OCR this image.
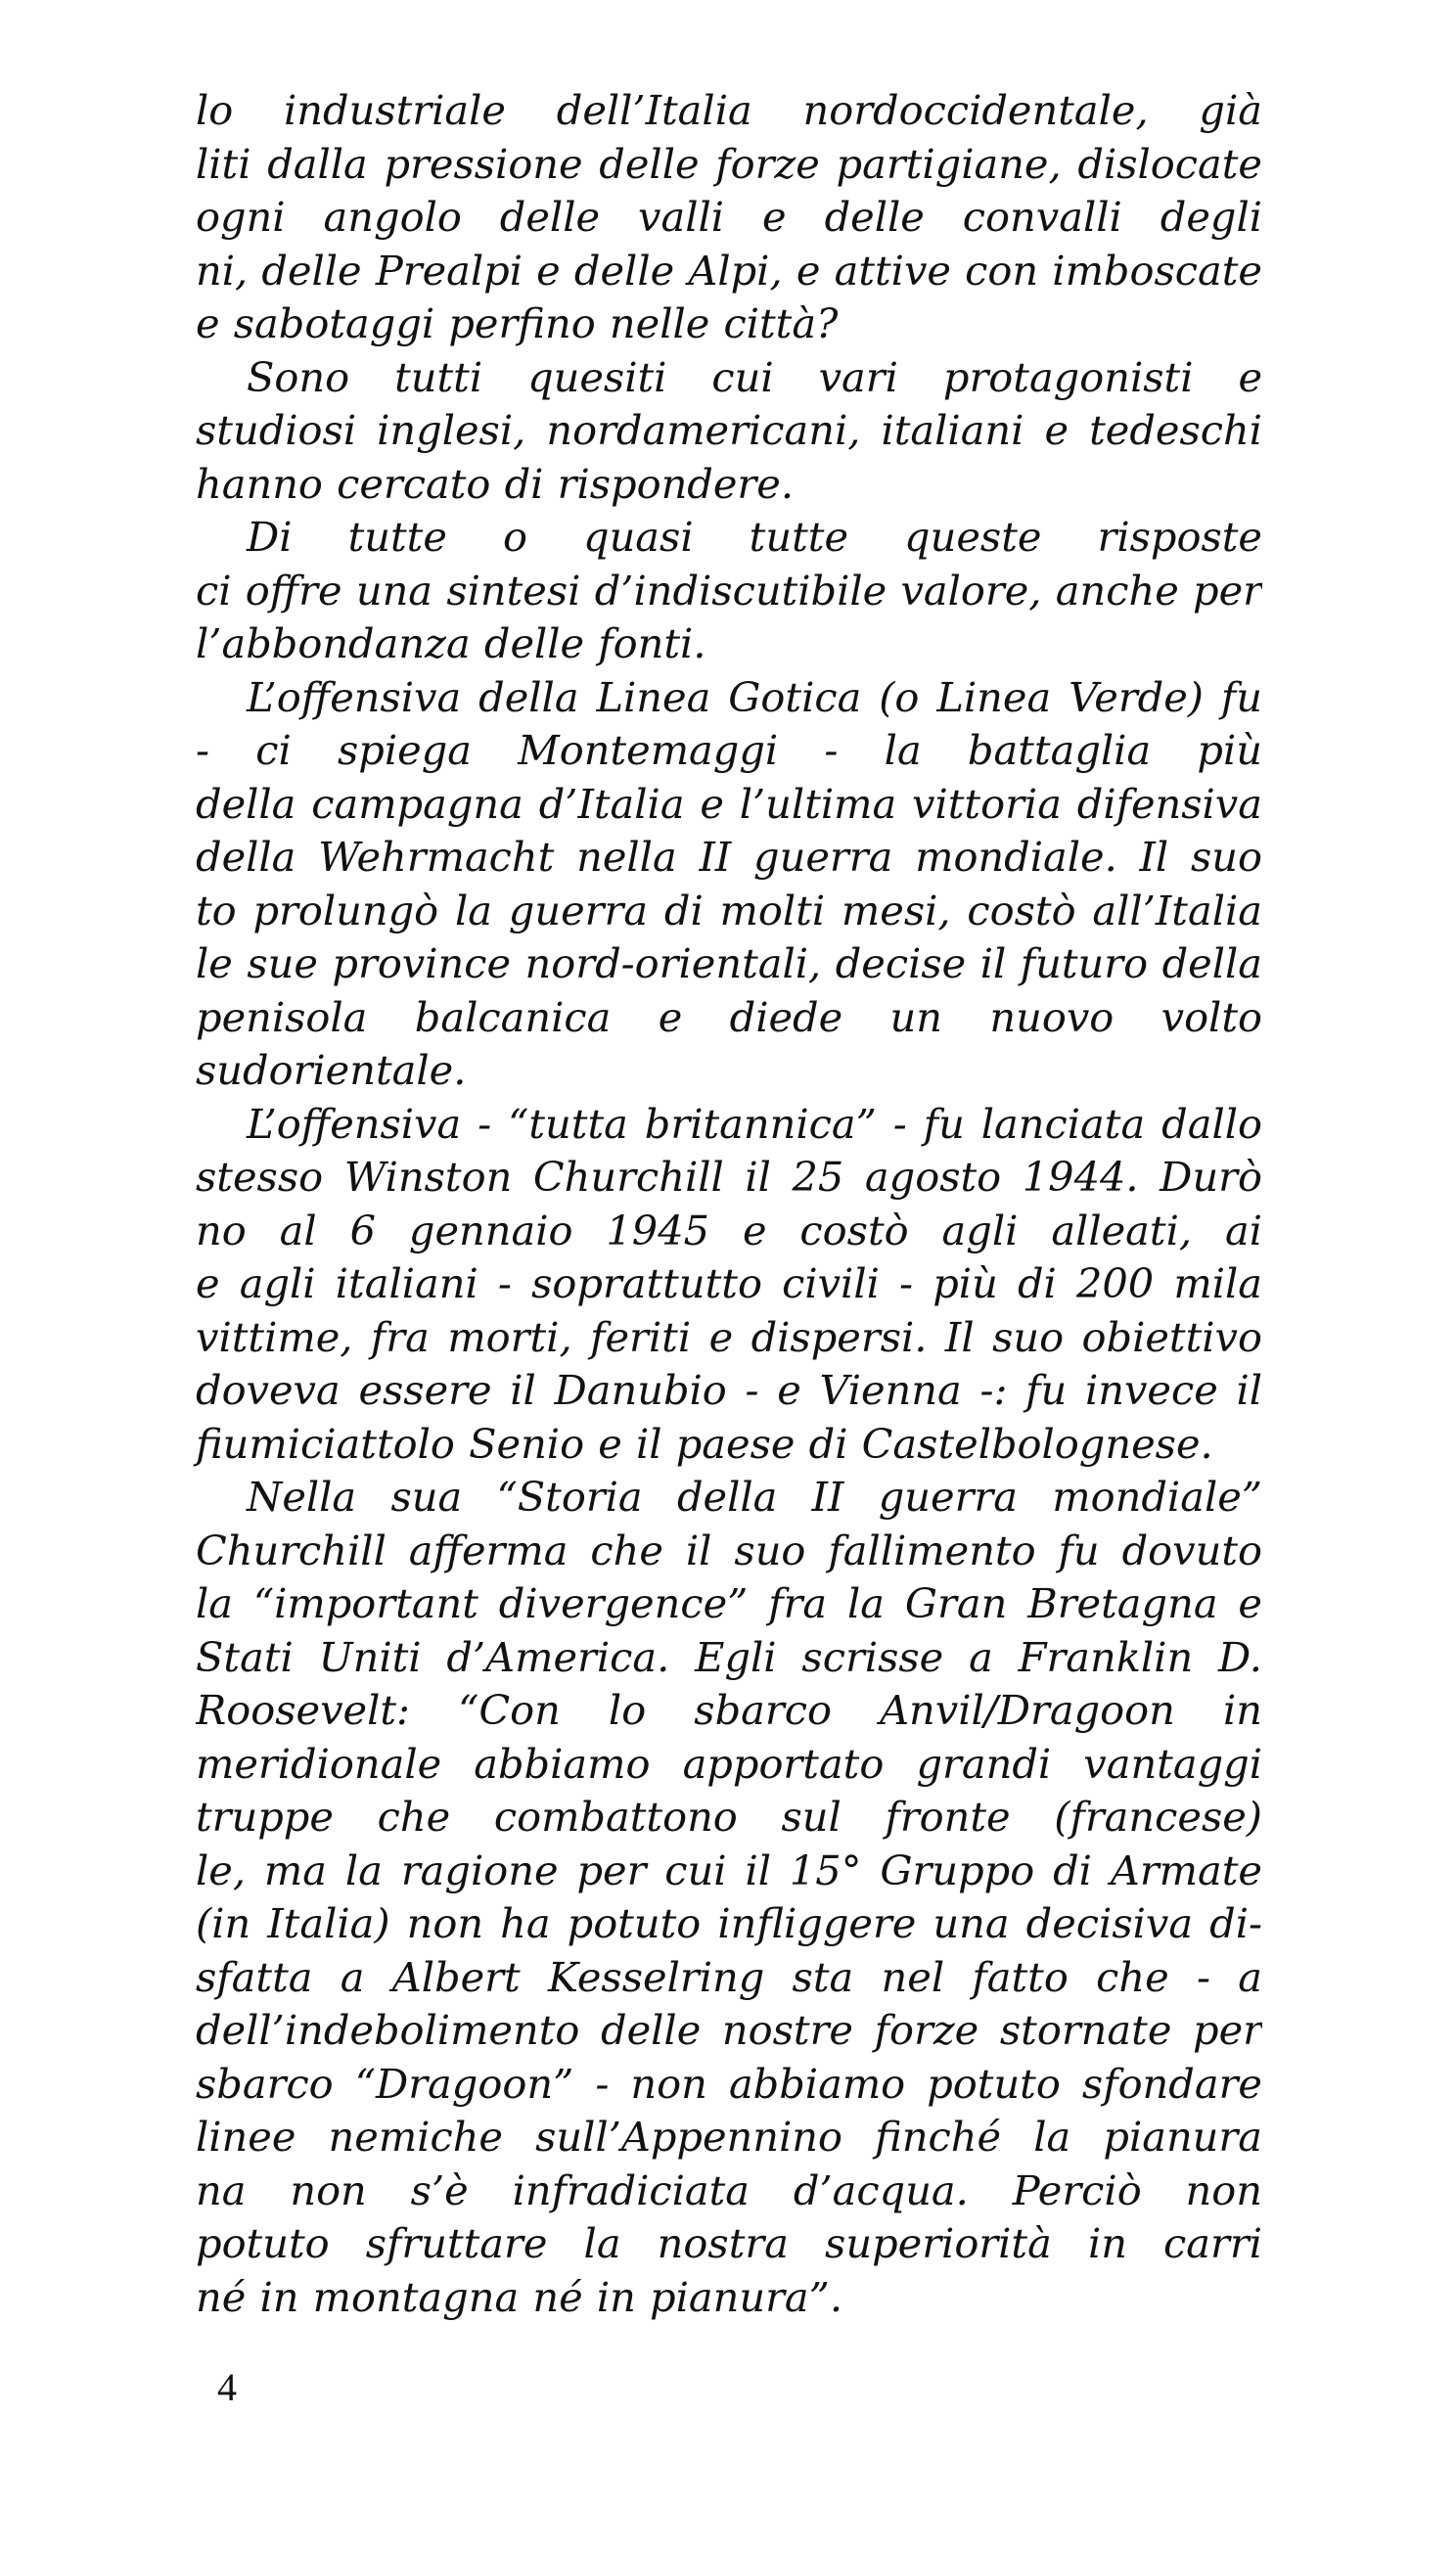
lo industriale dell’Italia nordoccidentale, già
liti dalla pressione delle forze partigiane, dislocate
ogni angolo delle valli e delle convalli degli
ni, delle Prealpi e delle Alpi, e attive con imboscate
e sabotaggi perfino nelle città?
Sono tutti quesiti cui vari protagonisti e
studiosi inglesi, nordamericani, italiani e tedeschi
hanno cercato di rispondere.
Di tutte o quasi tutte queste risposte
ci offre una sintesi d’indiscutibile valore, anche per
l’abbondanza delle fonti.
L’offensiva della Linea Gotica (o Linea Verde) fu
- ci spiega Montemaggi - la battaglia più
della campagna d’Italia e l’ultima vittoria difensiva
della Wehrmacht nella II guerra mondiale. Il suo
to prolungò la guerra di molti mesi, costò all’Italia
le sue province nord-orientali, decise il futuro della
penisola balcanica e diede un nuovo volto
sudorientale.
L’offensiva - “tutta britannica” - fu lanciata dallo
stesso Winston Churchill il 25 agosto 1944. Durò
no al 6 gennaio 1945 e costò agli alleati, ai
e agli italiani - soprattutto civili - più di 200 mila
vittime, fra morti, feriti e dispersi. Il suo obiettivo
doveva essere il Danubio - e Vienna -: fu invece il
fiumiciattolo Senio e il paese di Castelbolognese.
Nella sua “Storia della II guerra mondiale”
Churchill afferma che il suo fallimento fu dovuto
la “important divergence” fra la Gran Bretagna e
Stati Uniti d’America. Egli scrisse a Franklin D.
Roosevelt: “Con lo sbarco Anvil/Dragoon in
meridionale abbiamo apportato grandi vantaggi
truppe che combattono sul fronte (francese)
le, ma la ragione per cui il 15° Gruppo di Armate
(in Italia) non ha potuto infliggere una decisiva di-
sfatta a Albert Kesselring sta nel fatto che - a
dell’indebolimento delle nostre forze stornate per
sbarco “Dragoon” - non abbiamo potuto sfondare
linee nemiche sull’Appennino finché la pianura
na non s’è infradiciata d’acqua. Perciò non
potuto sfruttare la nostra superiorità in carri
né in montagna né in pianura”.
4
